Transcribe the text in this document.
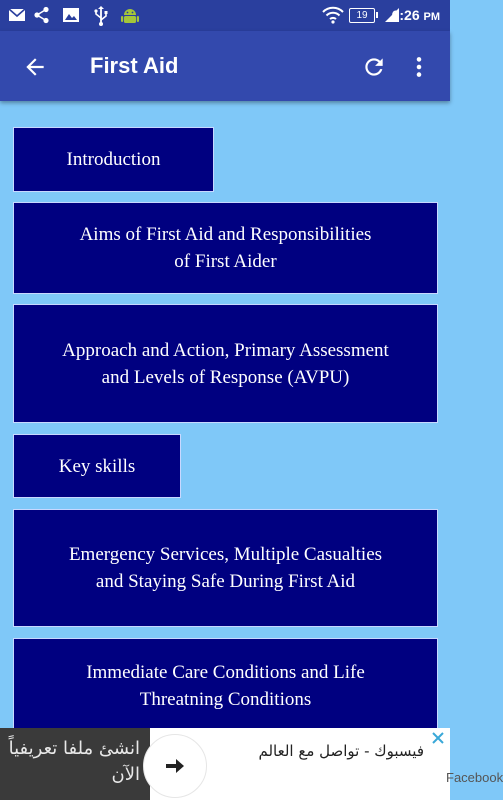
19	6:26 PM
First Aid
Introduction
Aims of First Aid and Responsibilities of First Aider
Approach and Action, Primary Assessment and Levels of Response (AVPU)
Key skills
Emergency Services, Multiple Casualties and Staying Safe During First Aid
Immediate Care Conditions and Life Threatning Conditions
انشئ ملفا تعريفياً الآن
فيسبوك - تواصل مع العالم
Facebook
